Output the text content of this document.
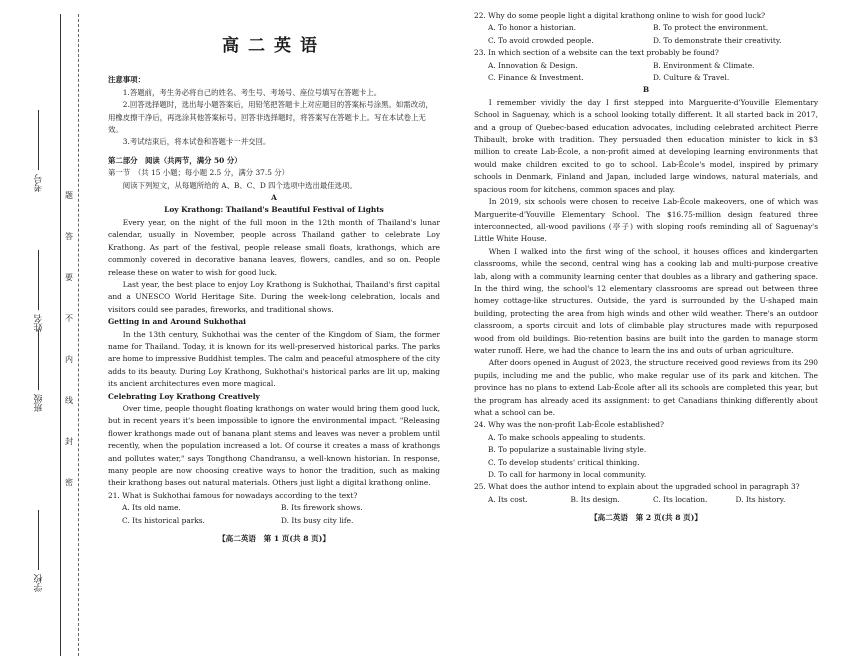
考号
姓名
班级
学校
题
答
要
不
内
线
封
密
高二英语

注意事项：

1.答题前，考生务必将自己的姓名、考生号、考场号、座位号填写在答题卡上。

2.回答选择题时，选出每小题答案后，用铅笔把答题卡上对应题目的答案标号涂黑。如需改动，用橡皮擦干净后，再选涂其他答案标号。回答非选择题时，将答案写在答题卡上。写在本试卷上无效。

3.考试结束后，将本试卷和答题卡一并交回。

第二部分　阅读（共两节，满分 50 分）

第一节　（共 15 小题；每小题 2.5 分，满分 37.5 分）

阅读下列短文，从每题所给的 A、B、C、D 四个选项中选出最佳选项。

A

Loy Krathong: Thailand's Beautiful Festival of Lights

Every year, on the night of the full moon in the 12th month of Thailand's lunar calendar, usually in November, people across Thailand gather to celebrate Loy Krathong. As part of the festival, people release small floats, krathongs, which are commonly covered in decorative banana leaves, flowers, candles, and so on. People release these on water to wish for good luck.

Last year, the best place to enjoy Loy Krathong is Sukhothai, Thailand's first capital and a UNESCO World Heritage Site. During the week-long celebration, locals and visitors could see parades, fireworks, and traditional shows.

Getting in and Around Sukhothai

In the 13th century, Sukhothai was the center of the Kingdom of Siam, the former name for Thailand. Today, it is known for its well-preserved historical parks. The parks are home to impressive Buddhist temples. The calm and peaceful atmosphere of the city adds to its beauty. During Loy Krathong, Sukhothai's historical parks are lit up, making its ancient architectures even more magical.

Celebrating Loy Krathong Creatively

Over time, people thought floating krathongs on water would bring them good luck, but in recent years it's been impossible to ignore the environmental impact. "Releasing flower krathongs made out of banana plant stems and leaves was never a problem until recently, when the population increased a lot. Of course it creates a mass of krathongs and pollutes water," says Tongthong Chandransu, a well-known historian. In response, many people are now choosing creative ways to honor the tradition, such as making their krathong bases out natural materials. Others just light a digital krathong online.

21. What is Sukhothai famous for nowadays according to the text?

A. Its old name.	B. Its firework shows.
C. Its historical parks.	D. Its busy city life.
【高二英语　第 1 页(共 8 页)】

22. Why do some people light a digital krathong online to wish for good luck?

A. To honor a historian.	B. To protect the environment.
C. To avoid crowded people.	D. To demonstrate their creativity.

23. In which section of a website can the text probably be found?

A. Innovation & Design.	B. Environment & Climate.
C. Finance & Investment.	D. Culture & Travel.

B

I remember vividly the day I first stepped into Marguerite-d'Youville Elementary School in Saguenay, which is a school looking totally different. It all started back in 2017, and a group of Quebec-based education advocates, including celebrated architect Pierre Thibault, broke with tradition. They persuaded then education minister to kick in $3 million to create Lab-École, a non-profit aimed at developing learning environments that would make children excited to go to school. Lab-École's model, inspired by primary schools in Denmark, Finland and Japan, included large windows, natural materials, and spacious room for kitchens, common spaces and play.

In 2019, six schools were chosen to receive Lab-École makeovers, one of which was Marguerite-d'Youville Elementary School. The $16.75-million design featured three interconnected, all-wood pavilions (亭子) with sloping roofs reminding all of Saguenay's Little White House.

When I walked into the first wing of the school, it houses offices and kindergarten classrooms, while the second, central wing has a cooking lab and multi-purpose creative lab, along with a community learning center that doubles as a library and gathering space. In the third wing, the school's 12 elementary classrooms are spread out between three homey cottage-like structures. Outside, the yard is surrounded by the U-shaped main building, protecting the area from high winds and other wild weather. There's an outdoor classroom, a sports circuit and lots of climbable play structures made with repurposed wood from old buildings. Bio-retention basins are built into the garden to manage storm water runoff. Here, we had the chance to learn the ins and outs of urban agriculture.

After doors opened in August of 2023, the structure received good reviews from its 290 pupils, including me and the public, who make regular use of its park and kitchen. The province has no plans to extend Lab-École after all its schools are completed this year, but the program has already aced its assignment: to get Canadians thinking differently about what a school can be.

24. Why was the non-profit Lab-École established?

A. To make schools appealing to students.
B. To popularize a sustainable living style.
C. To develop students' critical thinking.
D. To call for harmony in local community.

25. What does the author intend to explain about the upgraded school in paragraph 3?

A. Its cost.	B. Its design.	C. Its location.	D. Its history.
【高二英语　第 2 页(共 8 页)】
